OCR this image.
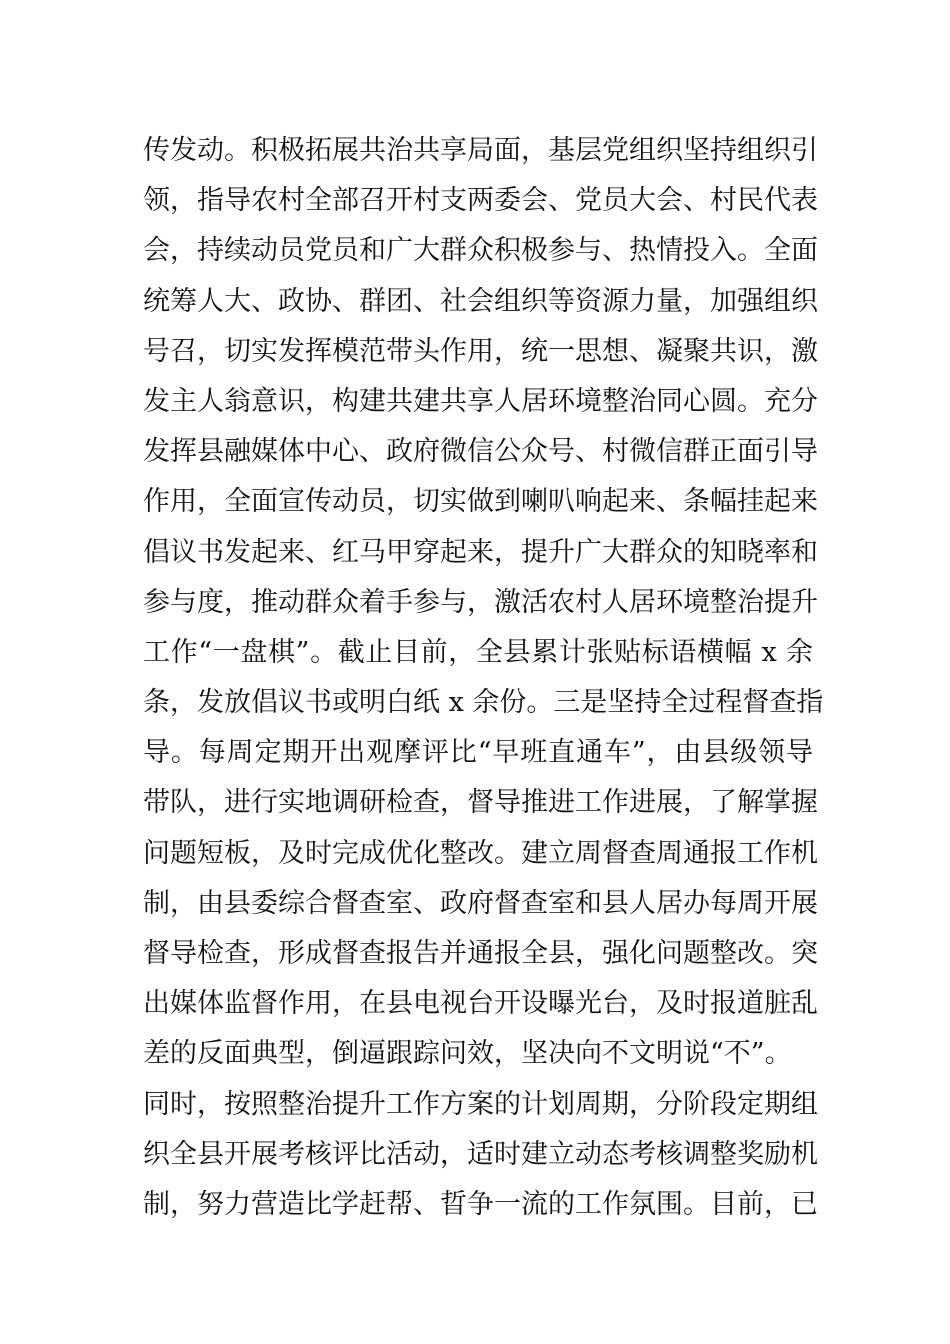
传发动。积极拓展共治共享局面，基层党组织坚持组织引
领，指导农村全部召开村支两委会、党员大会、村民代表
会，持续动员党员和广大群众积极参与、热情投入。全面
统筹人大、政协、群团、社会组织等资源力量，加强组织
号召，切实发挥模范带头作用，统一思想、凝聚共识，激
发主人翁意识，构建共建共享人居环境整治同心圆。充分
发挥县融媒体中心、政府微信公众号、村微信群正面引导
作用，全面宣传动员，切实做到喇叭响起来、条幅挂起来
倡议书发起来、红马甲穿起来，提升广大群众的知晓率和
参与度，推动群众着手参与，激活农村人居环境整治提升
工作“一盘棋”。截止目前，全县累计张贴标语横幅 x 余
条，发放倡议书或明白纸 x 余份。三是坚持全过程督查指
导。每周定期开出观摩评比“早班直通车”，由县级领导
带队，进行实地调研检查，督导推进工作进展，了解掌握
问题短板，及时完成优化整改。建立周督查周通报工作机
制，由县委综合督查室、政府督查室和县人居办每周开展
督导检查，形成督查报告并通报全县，强化问题整改。突
出媒体监督作用，在县电视台开设曝光台，及时报道脏乱
差的反面典型，倒逼跟踪问效，坚决向不文明说“不”。
同时，按照整治提升工作方案的计划周期，分阶段定期组
织全县开展考核评比活动，适时建立动态考核调整奖励机
制，努力营造比学赶帮、晢争一流的工作氛围。目前，已
